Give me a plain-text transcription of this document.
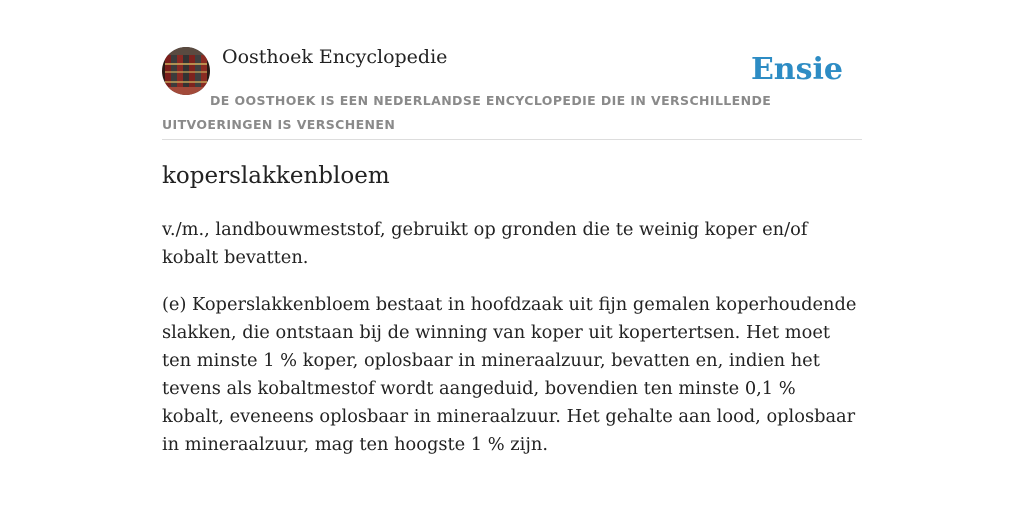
Oosthoek Encyclopedie	Ensie
DE OOSTHOEK IS EEN NEDERLANDSE ENCYCLOPEDIE DIE IN VERSCHILLENDE UITVOERINGEN IS VERSCHENEN
koperslakkenbloem

v./m., landbouwmeststof, gebruikt op gronden die te weinig koper en/of kobalt bevatten.

(e) Koperslakkenbloem bestaat in hoofdzaak uit fijn gemalen koperhoudende slakken, die ontstaan bij de winning van koper uit kopertertsen. Het moet ten minste 1 % koper, oplosbaar in mineraalzuur, bevatten en, indien het tevens als kobaltmestof wordt aangeduid, bovendien ten minste 0,1 % kobalt, eveneens oplosbaar in mineraalzuur. Het gehalte aan lood, oplosbaar in mineraalzuur, mag ten hoogste 1 % zijn.
